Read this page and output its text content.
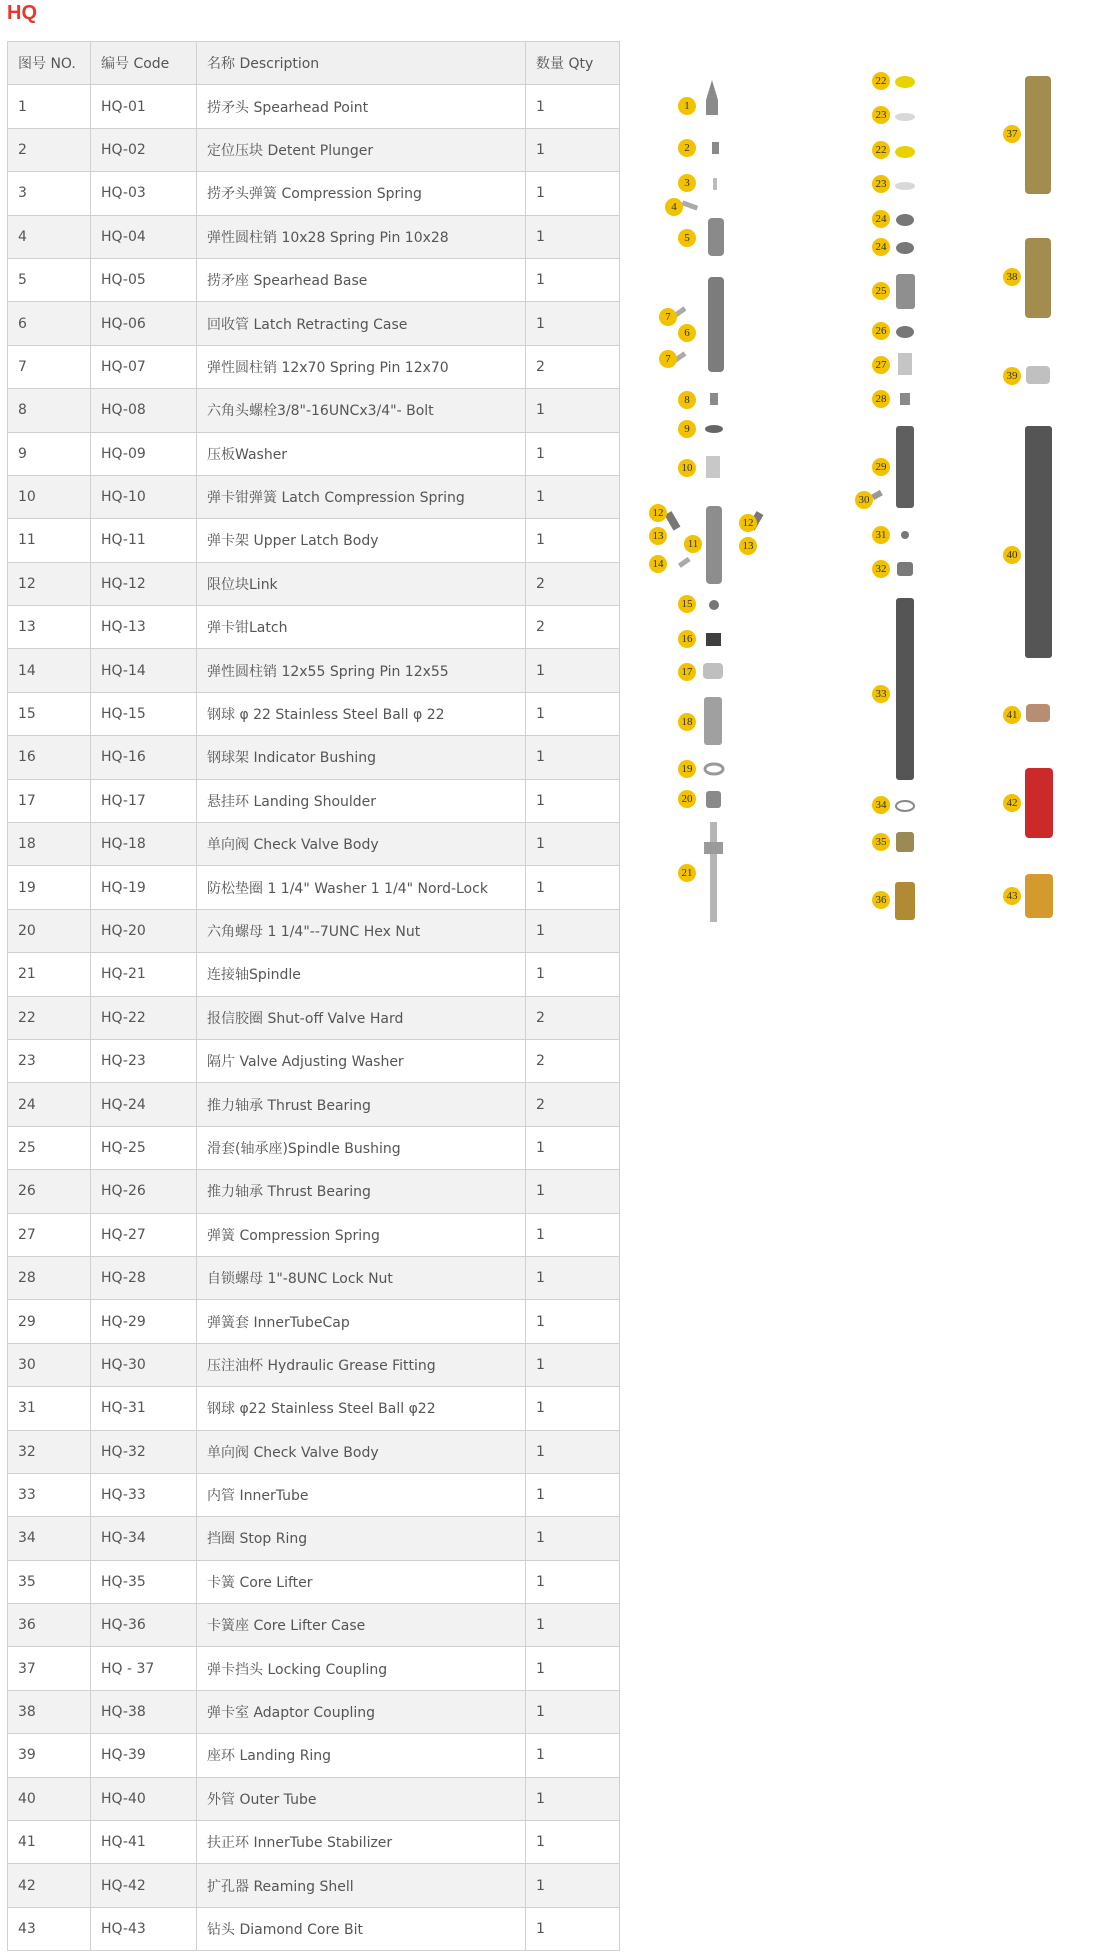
HQ
图号 NO.	编号 Code	名称 Description	数量 Qty
1	HQ-01	捞矛头 Spearhead Point	1
2	HQ-02	定位压块 Detent Plunger	1
3	HQ-03	捞矛头弹簧 Compression Spring	1
4	HQ-04	弹性圆柱销 10x28 Spring Pin 10x28	1
5	HQ-05	捞矛座 Spearhead Base	1
6	HQ-06	回收管 Latch Retracting Case	1
7	HQ-07	弹性圆柱销 12x70 Spring Pin 12x70	2
8	HQ-08	六角头螺栓3/8"-16UNCx3/4"- Bolt	1
9	HQ-09	压板Washer	1
10	HQ-10	弹卡钳弹簧 Latch Compression Spring	1
11	HQ-11	弹卡架 Upper Latch Body	1
12	HQ-12	限位块Link	2
13	HQ-13	弹卡钳Latch	2
14	HQ-14	弹性圆柱销 12x55 Spring Pin 12x55	1
15	HQ-15	钢球 φ 22 Stainless Steel Ball φ 22	1
16	HQ-16	钢球架 Indicator Bushing	1
17	HQ-17	悬挂环 Landing Shoulder	1
18	HQ-18	单向阀 Check Valve Body	1
19	HQ-19	防松垫圈 1 1/4" Washer 1 1/4" Nord-Lock	1
20	HQ-20	六角螺母 1 1/4"--7UNC Hex Nut	1
21	HQ-21	连接轴Spindle	1
22	HQ-22	报信胶圈 Shut-off Valve Hard	2
23	HQ-23	隔片 Valve Adjusting Washer	2
24	HQ-24	推力轴承 Thrust Bearing	2
25	HQ-25	滑套(轴承座)Spindle Bushing	1
26	HQ-26	推力轴承 Thrust Bearing	1
27	HQ-27	弹簧 Compression Spring	1
28	HQ-28	自锁螺母 1"-8UNC Lock Nut	1
29	HQ-29	弹簧套 InnerTubeCap	1
30	HQ-30	压注油杯 Hydraulic Grease Fitting	1
31	HQ-31	钢球 φ22 Stainless Steel Ball φ22	1
32	HQ-32	单向阀 Check Valve Body	1
33	HQ-33	内管 InnerTube	1
34	HQ-34	挡圈 Stop Ring	1
35	HQ-35	卡簧 Core Lifter	1
36	HQ-36	卡簧座 Core Lifter Case	1
37	HQ - 37	弹卡挡头 Locking Coupling	1
38	HQ-38	弹卡室 Adaptor Coupling	1
39	HQ-39	座环 Landing Ring	1
40	HQ-40	外管 Outer Tube	1
41	HQ-41	扶正环 InnerTube Stabilizer	1
42	HQ-42	扩孔器 Reaming Shell	1
43	HQ-43	钻头 Diamond Core Bit	1
1
2
3
4
5
7
6
7
8
9
10
12
13
11
12
13
14
15
16
17
18
19
20
21
22
23
22
23
24
24
25
26
27
28
29
30
31
32
33
34
35
36
37
38
39
40
41
42
43
